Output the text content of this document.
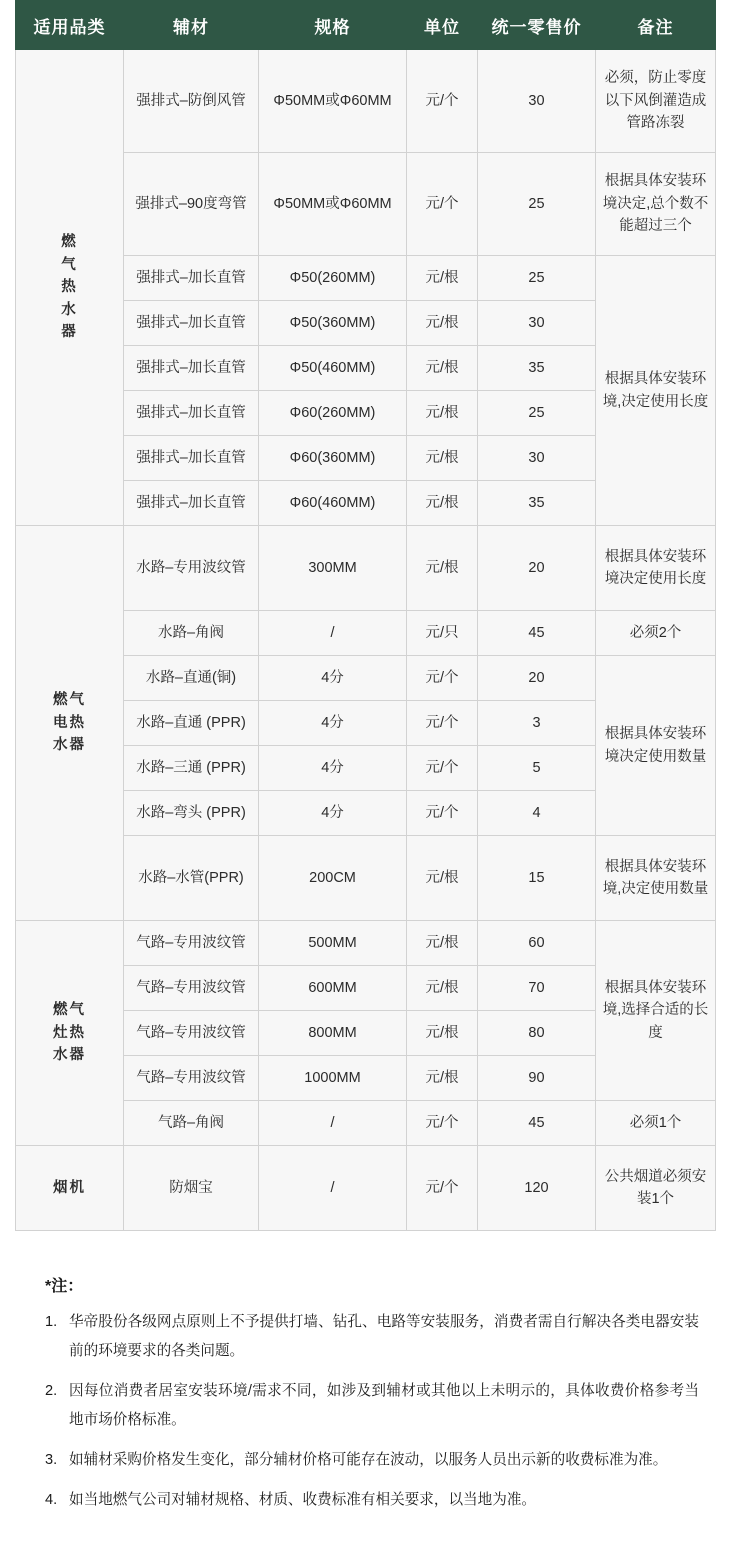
适用品类	辅材	规格	单位	统一零售价	备注
燃气热水器	强排式–防倒风管	Φ50MM或Φ60MM	元/个	30	必须，防止零度以下风倒灌造成管路冻裂
	强排式–90度弯管	Φ50MM或Φ60MM	元/个	25	根据具体安装环境决定,总个数不能超过三个
	强排式–加长直管	Φ50(260MM)	元/根	25	根据具体安装环境,决定使用长度
	强排式–加长直管	Φ50(360MM)	元/根	30	
	强排式–加长直管	Φ50(460MM)	元/根	35	
	强排式–加长直管	Φ60(260MM)	元/根	25	
	强排式–加长直管	Φ60(360MM)	元/根	30	
	强排式–加长直管	Φ60(460MM)	元/根	35	
燃气电热水器	水路–专用波纹管	300MM	元/根	20	根据具体安装环境决定使用长度
	水路–角阀	/	元/只	45	必须2个
	水路–直通(铜)	4分	元/个	20	根据具体安装环境决定使用数量
	水路–直通 (PPR)	4分	元/个	3	
	水路–三通 (PPR)	4分	元/个	5	
	水路–弯头 (PPR)	4分	元/个	4	
	水路–水管(PPR)	200CM	元/根	15	根据具体安装环境,决定使用数量
燃气灶热水器	气路–专用波纹管	500MM	元/根	60	根据具体安装环境,选择合适的长度
	气路–专用波纹管	600MM	元/根	70	
	气路–专用波纹管	800MM	元/根	80	
	气路–专用波纹管	1000MM	元/根	90	
	气路–角阀	/	元/个	45	必须1个
烟机	防烟宝	/	元/个	120	公共烟道必须安装1个
*注：
华帝股份各级网点原则上不予提供打墙、钻孔、电路等安装服务，消费者需自行解决各类电器安装前的环境要求的各类问题。
因每位消费者居室安装环境/需求不同，如涉及到辅材或其他以上未明示的，具体收费价格参考当地市场价格标准。
如辅材采购价格发生变化，部分辅材价格可能存在波动，以服务人员出示新的收费标准为准。
如当地燃气公司对辅材规格、材质、收费标准有相关要求，以当地为准。
